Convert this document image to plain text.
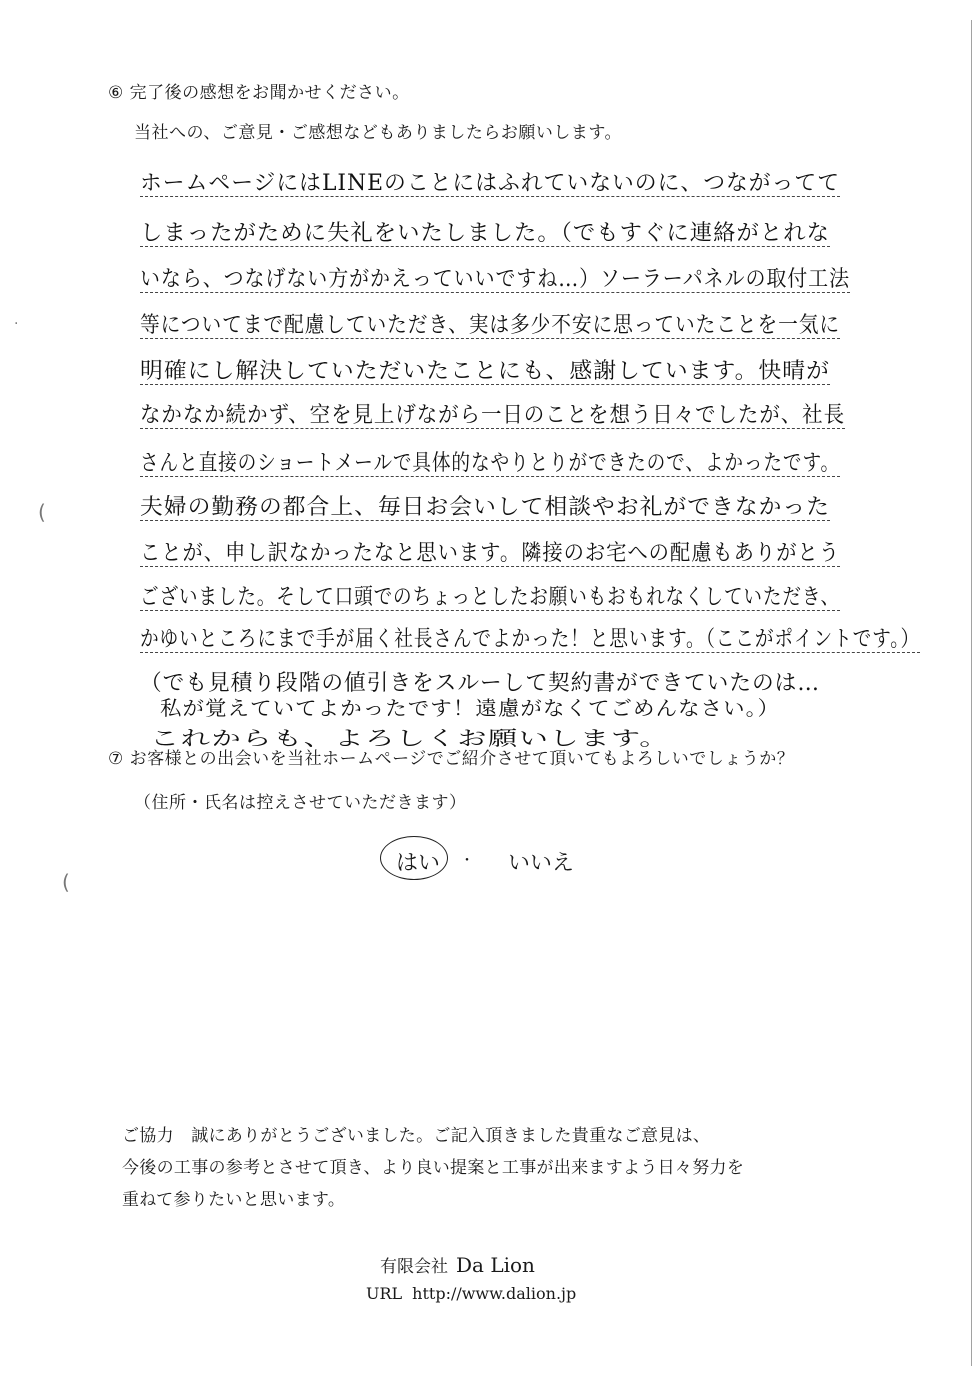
⑥ 完了後の感想をお聞かせください。
当社への、ご意見・ご感想などもありましたらお願いします。
ホームページにはLINEのことにはふれていないのに、つながってて
しまったがために失礼をいたしました。（でもすぐに連絡がとれな
いなら、つなげない方がかえっていいですね…）ソーラーパネルの取付工法
等についてまで配慮していただき、実は多少不安に思っていたことを一気に
明確にし解決していただいたことにも、感謝しています。快晴が
なかなか続かず、空を見上げながら一日のことを想う日々でしたが、社長
さんと直接のショートメールで具体的なやりとりができたので、よかったです。
夫婦の勤務の都合上、毎日お会いして相談やお礼ができなかった
ことが、申し訳なかったなと思います。隣接のお宅への配慮もありがとう
ございました。そして口頭でのちょっとしたお願いもおもれなくしていただき、
かゆいところにまで手が届く社長さんでよかった！と思います。（ここがポイントです。）
（でも見積り段階の値引きをスルーして契約書ができていたのは…
私が覚えていてよかったです！遠慮がなくてごめんなさい。）
これからも、よろしくお願いします。
⑦ お客様との出会いを当社ホームページでご紹介させて頂いてもよろしいでしょうか？
（住所・氏名は控えさせていただきます）
はい ・ いいえ
ご協力　誠にありがとうございました。ご記入頂きました貴重なご意見は、
今後の工事の参考とさせて頂き、より良い提案と工事が出来ますよう日々努力を
重ねて参りたいと思います。
有限会社 Da Lion
URL http://www.dalion.jp
·
(
(
